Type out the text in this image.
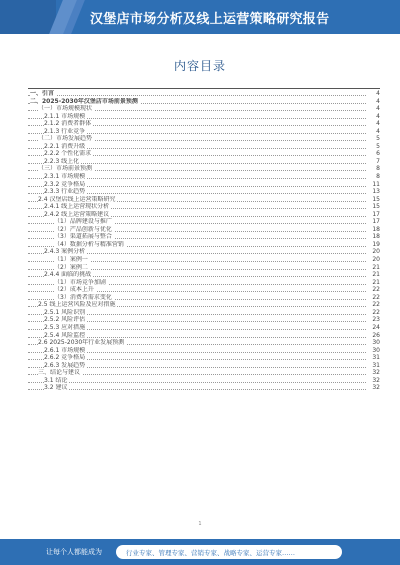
汉堡店市场分析及线上运营策略研究报告
内容目录
一、引言	4
二、2025-2030年汉堡店市场前景预测	4
（一）市场规模现状	4
2.1.1 市场规模	4
2.1.2 消费者群体	4
2.1.3 行业竞争	4
（二）市场发展趋势	5
2.2.1 消费升级	5
2.2.2 个性化需求	6
2.2.3 线上化	7
（三）市场前景预测	8
2.3.1 市场规模	8
2.3.2 竞争格局	11
2.3.3 行业趋势	13
2.4 汉堡店线上运营策略研究	15
2.4.1 线上运营现状分析	15
2.4.2 线上运营策略建议	17
（1）品牌建设与推广	17
（2）产品创新与优化	18
（3）渠道拓展与整合	18
（4）数据分析与精准营销	19
2.4.3 案例分析	20
（1）案例一	20
（2）案例二	21
2.4.4 面临的挑战	21
（1）市场竞争加剧	21
（2）成本上升	22
（3）消费者需求变化	22
2.5 线上运营风险及应对措施	22
2.5.1 风险识别	22
2.5.2 风险评估	23
2.5.3 应对措施	24
2.5.4 风险监控	26
2.6 2025-2030年行业发展预测	30
2.6.1 市场规模	30
2.6.2 竞争格局	31
2.6.3 发展趋势	31
三、结论与建议	32
3.1 结论	32
3.2 建议	32
1
让每个人都能成为	行业专家、管理专家、营销专家、战略专家、运营专家……
